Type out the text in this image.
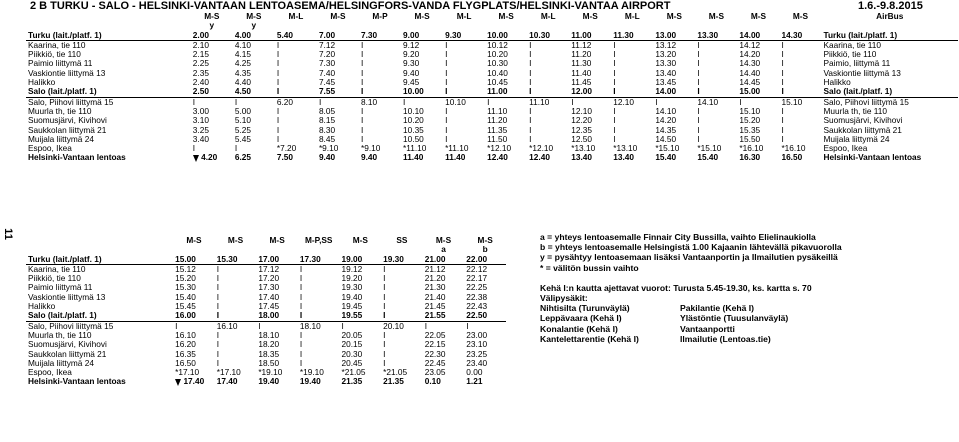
2 B TURKU - SALO - HELSINKI-VANTAAN LENTOASEMA/HELSINGFORS-VANDA FLYGPLATS/HELSINKI-VANTAA AIRPORT	1.6.-9.8.2015
11
	M-S	M-S	M-L	M-S	M-P	M-S	M-L	M-S	M-L	M-S	M-L	M-S	M-S	M-S	M-S	AirBus
	y	y														
Turku (lait./platf. 1)	2.00	4.00	5.40	7.00	7.30	9.00	9.30	10.00	10.30	11.00	11.30	13.00	13.30	14.00	14.30	Turku (lait./platf. 1)
Kaarina, tie 110	2.10	4.10	I	7.12	I	9.12	I	10.12	I	11.12	I	13.12	I	14.12	I	Kaarina, tie 110
Piikkiö, tie 110	2.15	4.15	I	7.20	I	9.20	I	10.20	I	11.20	I	13.20	I	14.20	I	Piikkiö, tie 110
Paimio liittymä 11	2.25	4.25	I	7.30	I	9.30	I	10.30	I	11.30	I	13.30	I	14.30	I	Paimio, liittymä 11
Vaskiontie liittymä 13	2.35	4.35	I	7.40	I	9.40	I	10.40	I	11.40	I	13.40	I	14.40	I	Vaskiontie liittymä 13
Halikko	2.40	4.40	I	7.45	I	9.45	I	10.45	I	11.45	I	13.45	I	14.45	I	Halikko
Salo (lait./platf. 1)	2.50	4.50	I	7.55	I	10.00	I	11.00	I	12.00	I	14.00	I	15.00	I	Salo (lait./platf. 1)
Salo, Piihovi liittymä 15	I	I	6.20	I	8.10	I	10.10	I	11.10	I	12.10	I	14.10	I	15.10	Salo, Piihovi liittymä 15
Muurla th, tie 110	3.00	5.00	I	8.05	I	10.10	I	11.10	I	12.10	I	14.10	I	15.10	I	Muurla th, tie 110
Suomusjärvi, Kivihovi	3.10	5.10	I	8.15	I	10.20	I	11.20	I	12.20	I	14.20	I	15.20	I	Suomusjärvi, Kivihovi
Saukkolan liittymä 21	3.25	5.25	I	8.30	I	10.35	I	11.35	I	12.35	I	14.35	I	15.35	I	Saukkolan liittymä 21
Muijala liittymä 24	3.40	5.45	I	8.45	I	10.50	I	11.50	I	12.50	I	14.50	I	15.50	I	Muijala liittymä 24
Espoo, Ikea	I	I	*7.20	*9.10	*9.10	*11.10	*11.10	*12.10	*12.10	*13.10	*13.10	*15.10	*15.10	*16.10	*16.10	Espoo, Ikea
Helsinki-Vantaan lentoas	4.20	6.25	7.50	9.40	9.40	11.40	11.40	12.40	12.40	13.40	13.40	15.40	15.40	16.30	16.50	Helsinki-Vantaan lentoas
	M-S	M-S	M-S	M-P,SS	M-S	SS	M-S	M-S
							a	b
Turku (lait./platf. 1)	15.00	15.30	17.00	17.30	19.00	19.30	21.00	22.00
Kaarina, tie 110	15.12	I	17.12	I	19.12	I	21.12	22.12
Piikkiö, tie 110	15.20	I	17.20	I	19.20	I	21.20	22.17
Paimio liittymä 11	15.30	I	17.30	I	19.30	I	21.30	22.25
Vaskiontie liittymä 13	15.40	I	17.40	I	19.40	I	21.40	22.38
Halikko	15.45	I	17.45	I	19.45	I	21.45	22.43
Salo (lait./platf. 1)	16.00	I	18.00	I	19.55	I	21.55	22.50
Salo, Piihovi liittymä 15	I	16.10	I	18.10	I	20.10	I	I
Muurla th, tie 110	16.10	I	18.10	I	20.05	I	22.05	23.00
Suomusjärvi, Kivihovi	16.20	I	18.20	I	20.15	I	22.15	23.10
Saukkolan liittymä 21	16.35	I	18.35	I	20.30	I	22.30	23.25
Muijala liittymä 24	16.50	I	18.50	I	20.45	I	22.45	23.40
Espoo, Ikea	*17.10	*17.10	*19.10	*19.10	*21.05	*21.05	23.05	0.00
Helsinki-Vantaan lentoas	17.40	17.40	19.40	19.40	21.35	21.35	0.10	1.21
a = yhteys lentoasemalle Finnair City Bussilla, vaihto Elielinaukiolla
b = yhteys lentoasemalle Helsingistä 1.00 Kajaanin lähtevällä pikavuorolla
y = pysähtyy lentoasemaan lisäksi Vantaanportin ja Ilmailutien pysäkeillä
* = välitön bussin vaihto
Kehä I:n kautta ajettavat vuorot: Turusta 5.45-19.30, ks. kartta s. 70
Välipysäkit:
Nihtisilta (Turunväylä)	Pakilantie (Kehä I)
Leppävaara (Kehä I)	Ylästöntie (Tuusulanväylä)
Konalantie (Kehä I)	Vantaanportti
Kantelettarentie (Kehä I)	Ilmailutie (Lentoas.tie)
